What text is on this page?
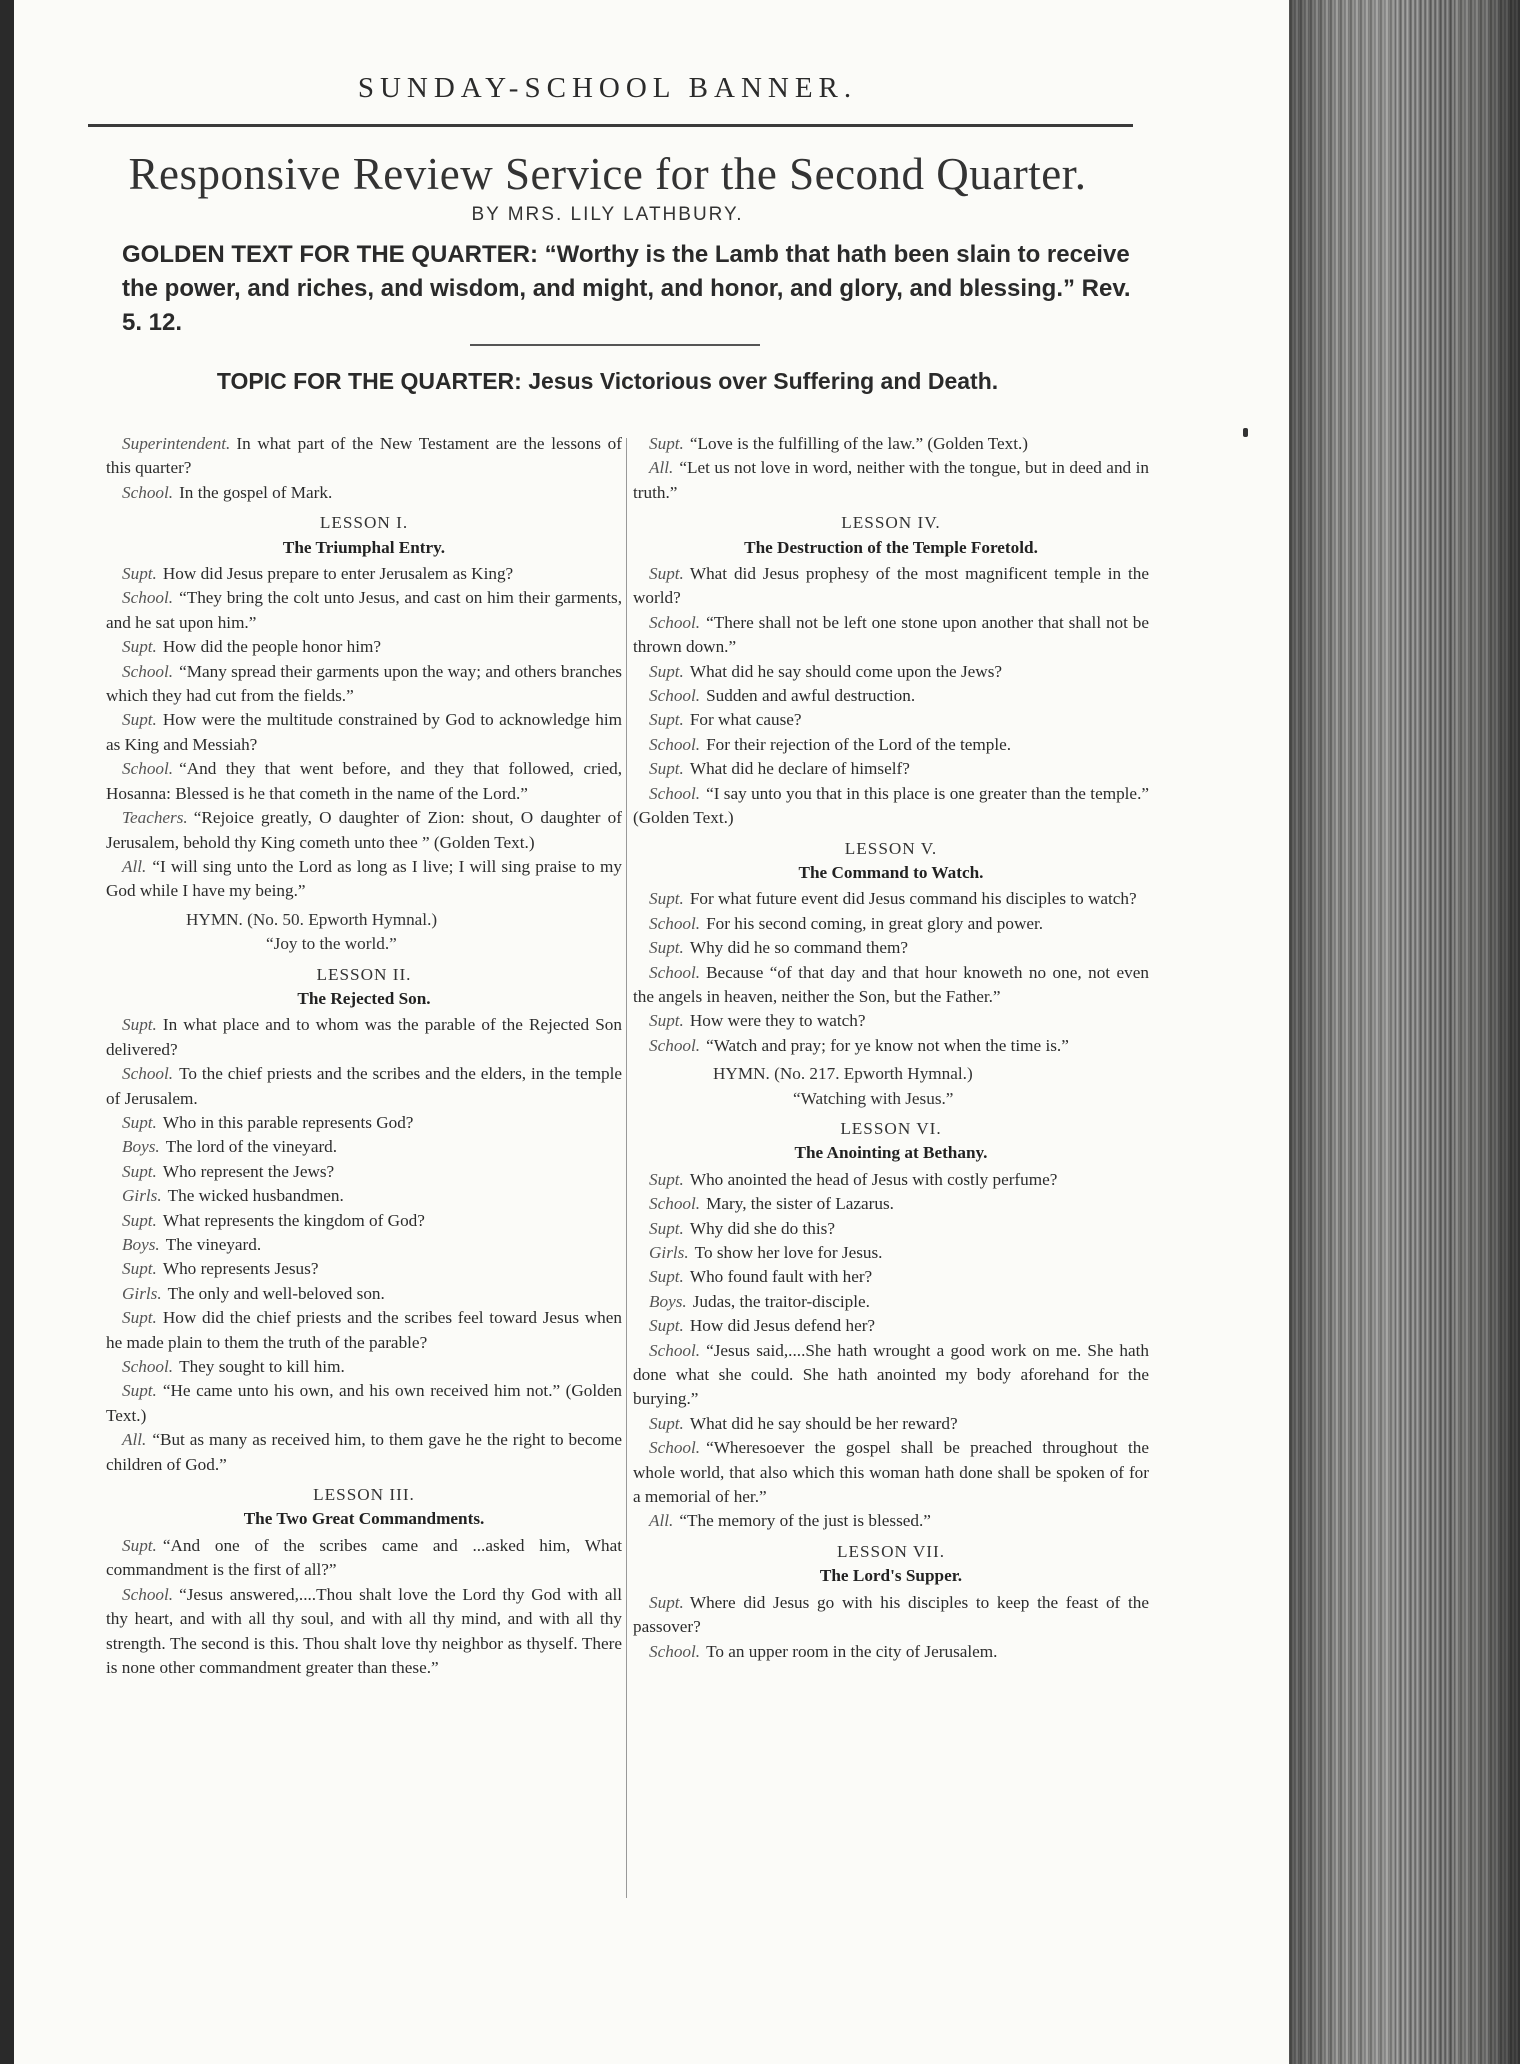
SUNDAY-SCHOOL BANNER.
Responsive Review Service for the Second Quarter.
BY MRS. LILY LATHBURY.
GOLDEN TEXT FOR THE QUARTER: “Worthy is the Lamb that hath been slain to receive the power, and riches, and wisdom, and might, and honor, and glory, and blessing.” Rev. 5. 12.
TOPIC FOR THE QUARTER: Jesus Victorious over Suffering and Death.

Superintendent. In what part of the New Testament are the lessons of this quarter?

School. In the gospel of Mark.

LESSON I.
The Triumphal Entry.

Supt. How did Jesus prepare to enter Jerusalem as King?

School. “They bring the colt unto Jesus, and cast on him their garments, and he sat upon him.”

Supt. How did the people honor him?

School. “Many spread their garments upon the way; and others branches which they had cut from the fields.”

Supt. How were the multitude constrained by God to acknowledge him as King and Messiah?

School. “And they that went before, and they that followed, cried, Hosanna: Blessed is he that cometh in the name of the Lord.”

Teachers. “Rejoice greatly, O daughter of Zion: shout, O daughter of Jerusalem, behold thy King cometh unto thee ” (Golden Text.)

All. “I will sing unto the Lord as long as I live; I will sing praise to my God while I have my being.”

HYMN. (No. 50. Epworth Hymnal.)
“Joy to the world.”
LESSON II.
The Rejected Son.

Supt. In what place and to whom was the parable of the Rejected Son delivered?

School. To the chief priests and the scribes and the elders, in the temple of Jerusalem.

Supt. Who in this parable represents God?

Boys. The lord of the vineyard.

Supt. Who represent the Jews?

Girls. The wicked husbandmen.

Supt. What represents the kingdom of God?

Boys. The vineyard.

Supt. Who represents Jesus?

Girls. The only and well-beloved son.

Supt. How did the chief priests and the scribes feel toward Jesus when he made plain to them the truth of the parable?

School. They sought to kill him.

Supt. “He came unto his own, and his own received him not.” (Golden Text.)

All. “But as many as received him, to them gave he the right to become children of God.”

LESSON III.
The Two Great Commandments.

Supt. “And one of the scribes came and ...asked him, What commandment is the first of all?”

School. “Jesus answered,....Thou shalt love the Lord thy God with all thy heart, and with all thy soul, and with all thy mind, and with all thy strength. The second is this. Thou shalt love thy neighbor as thyself. There is none other commandment greater than these.”

Supt. “Love is the fulfilling of the law.” (Golden Text.)

All. “Let us not love in word, neither with the tongue, but in deed and in truth.”

LESSON IV.
The Destruction of the Temple Foretold.

Supt. What did Jesus prophesy of the most magnificent temple in the world?

School. “There shall not be left one stone upon another that shall not be thrown down.”

Supt. What did he say should come upon the Jews?

School. Sudden and awful destruction.

Supt. For what cause?

School. For their rejection of the Lord of the temple.

Supt. What did he declare of himself?

School. “I say unto you that in this place is one greater than the temple.” (Golden Text.)

LESSON V.
The Command to Watch.

Supt. For what future event did Jesus command his disciples to watch?

School. For his second coming, in great glory and power.

Supt. Why did he so command them?

School. Because “of that day and that hour knoweth no one, not even the angels in heaven, neither the Son, but the Father.”

Supt. How were they to watch?

School. “Watch and pray; for ye know not when the time is.”

HYMN. (No. 217. Epworth Hymnal.)
“Watching with Jesus.”
LESSON VI.
The Anointing at Bethany.

Supt. Who anointed the head of Jesus with costly perfume?

School. Mary, the sister of Lazarus.

Supt. Why did she do this?

Girls. To show her love for Jesus.

Supt. Who found fault with her?

Boys. Judas, the traitor-disciple.

Supt. How did Jesus defend her?

School. “Jesus said,....She hath wrought a good work on me. She hath done what she could. She hath anointed my body aforehand for the burying.”

Supt. What did he say should be her reward?

School. “Wheresoever the gospel shall be preached throughout the whole world, that also which this woman hath done shall be spoken of for a memorial of her.”

All. “The memory of the just is blessed.”

LESSON VII.
The Lord's Supper.

Supt. Where did Jesus go with his disciples to keep the feast of the passover?

School. To an upper room in the city of Jerusalem.
